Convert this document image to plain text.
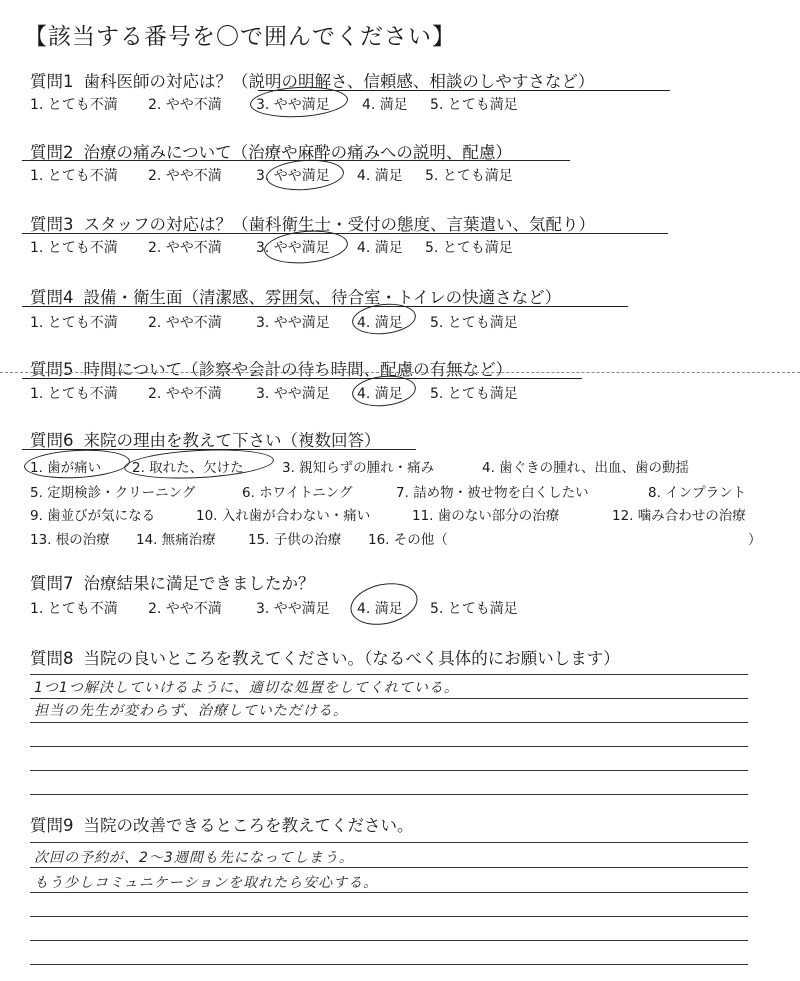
【該当する番号を〇で囲んでください】
質問1 歯科医師の対応は？（説明の明解さ、信頼感、相談のしやすさなど）
1. とても不満 2. やや不満 3. やや満足 4. 満足 5. とても満足
質問2 治療の痛みについて（治療や麻酔の痛みへの説明、配慮）
1. とても不満 2. やや不満 3. やや満足 4. 満足 5. とても満足
質問3 スタッフの対応は？（歯科衛生士・受付の態度、言葉遣い、気配り）
1. とても不満 2. やや不満 3. やや満足 4. 満足 5. とても満足
質問4 設備・衛生面（清潔感、雰囲気、待合室・トイレの快適さなど）
1. とても不満 2. やや不満 3. やや満足 4. 満足 5. とても満足
質問5 時間について（診察や会計の待ち時間、配慮の有無など）
1. とても不満 2. やや不満 3. やや満足 4. 満足 5. とても満足
質問6 来院の理由を教えて下さい（複数回答）
1. 歯が痛い 2. 取れた、欠けた	3. 親知らずの腫れ・痛み	4. 歯ぐきの腫れ、出血、歯の動揺
5. 定期検診・クリーニング	6. ホワイトニング	7. 詰め物・被せ物を白くしたい	8. インプラント
9. 歯並びが気になる	10. 入れ歯が合わない・痛い	11. 歯のない部分の治療	12. 噛み合わせの治療
13. 根の治療 14. 無痛治療 15. 子供の治療 16. その他（	）
質問7 治療結果に満足できましたか？
1. とても不満 2. やや不満 3. やや満足 4. 満足 5. とても満足
質問8 当院の良いところを教えてください。（なるべく具体的にお願いします）
1つ1つ解決していけるように、適切な処置をしてくれている。
担当の先生が変わらず、治療していただける。
質問9 当院の改善できるところを教えてください。
次回の予約が、2〜3週間も先になってしまう。
もう少しコミュニケーションを取れたら安心する。
